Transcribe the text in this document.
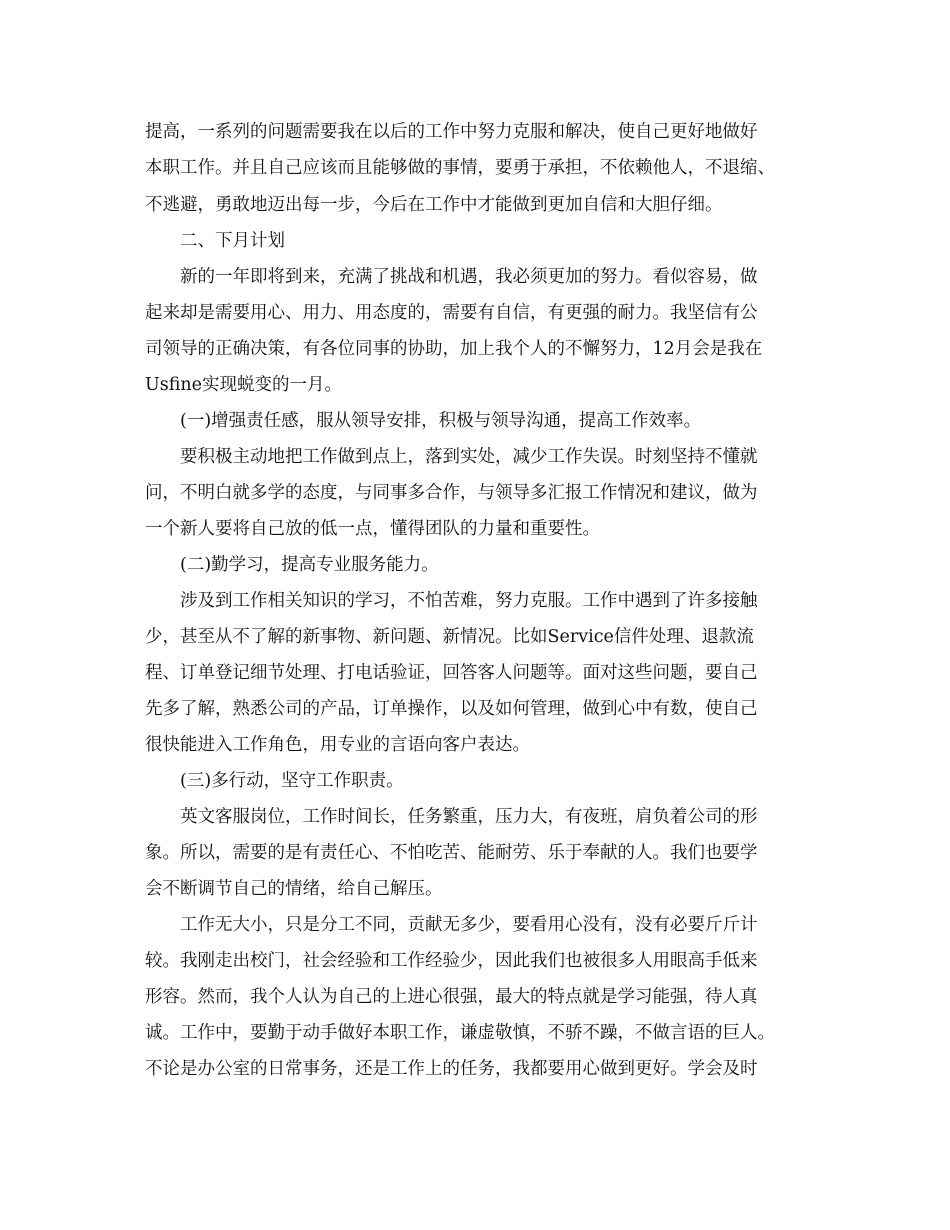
提高，一系列的问题需要我在以后的工作中努力克服和解决，使自己更好地做好
本职工作。并且自己应该而且能够做的事情，要勇于承担，不依赖他人，不退缩、
不逃避，勇敢地迈出每一步，今后在工作中才能做到更加自信和大胆仔细。
二、下月计划
新的一年即将到来，充满了挑战和机遇，我必须更加的努力。看似容易，做
起来却是需要用心、用力、用态度的，需要有自信，有更强的耐力。我坚信有公
司领导的正确决策，有各位同事的协助，加上我个人的不懈努力，12月会是我在
Usfine实现蜕变的一月。
(一)增强责任感，服从领导安排，积极与领导沟通，提高工作效率。
要积极主动地把工作做到点上，落到实处，减少工作失误。时刻坚持不懂就
问，不明白就多学的态度，与同事多合作，与领导多汇报工作情况和建议，做为
一个新人要将自己放的低一点，懂得团队的力量和重要性。
(二)勤学习，提高专业服务能力。
涉及到工作相关知识的学习，不怕苦难，努力克服。工作中遇到了许多接触
少，甚至从不了解的新事物、新问题、新情况。比如Service信件处理、退款流
程、订单登记细节处理、打电话验证，回答客人问题等。面对这些问题，要自己
先多了解，熟悉公司的产品，订单操作，以及如何管理，做到心中有数，使自己
很快能进入工作角色，用专业的言语向客户表达。
(三)多行动，坚守工作职责。
英文客服岗位，工作时间长，任务繁重，压力大，有夜班，肩负着公司的形
象。所以，需要的是有责任心、不怕吃苦、能耐劳、乐于奉献的人。我们也要学
会不断调节自己的情绪，给自己解压。
工作无大小，只是分工不同，贡献无多少，要看用心没有，没有必要斤斤计
较。我刚走出校门，社会经验和工作经验少，因此我们也被很多人用眼高手低来
形容。然而，我个人认为自己的上进心很强，最大的特点就是学习能强，待人真
诚。工作中，要勤于动手做好本职工作，谦虚敬慎，不骄不躁，不做言语的巨人。
不论是办公室的日常事务，还是工作上的任务，我都要用心做到更好。学会及时
